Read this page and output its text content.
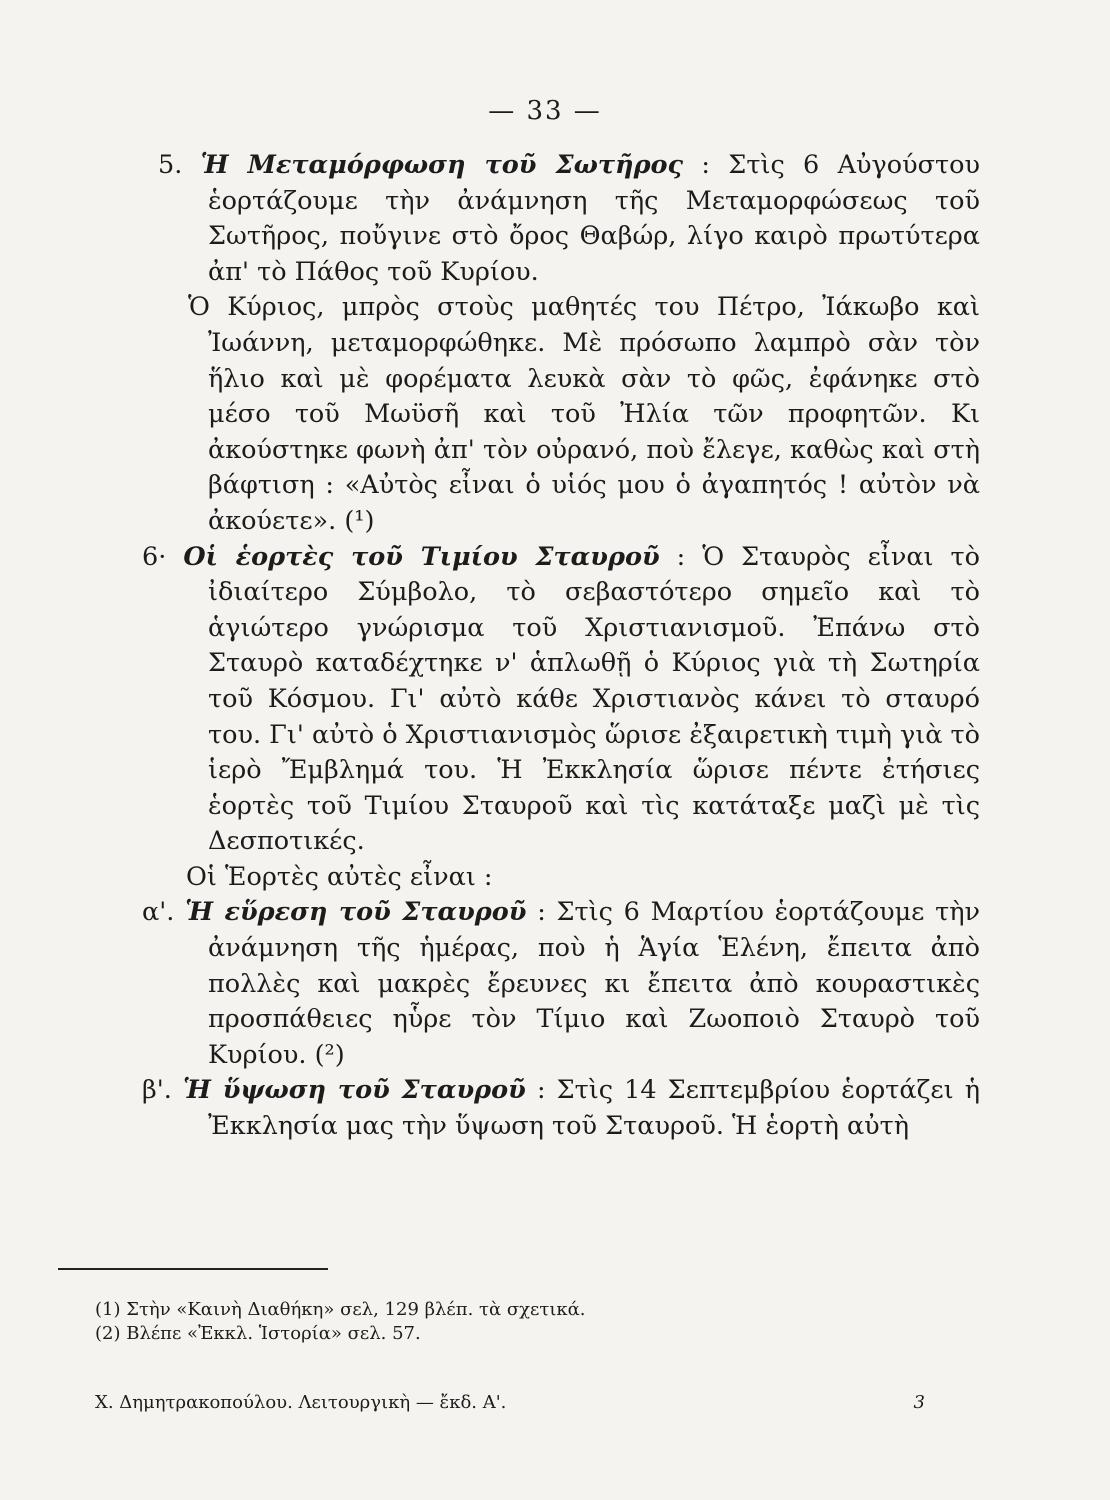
— 33 —

5. Ἡ Μεταμόρφωση τοῦ Σωτῆρος : Στὶς 6 Αὐγούστου ἑορτάζουμε τὴν ἀνάμνηση τῆς Μεταμορφώσεως τοῦ Σωτῆρος, ποὔγινε στὸ ὄρος Θαβώρ, λίγο καιρὸ πρωτύτερα ἀπ' τὸ Πάθος τοῦ Κυρίου.

Ὁ Κύριος, μπρὸς στοὺς μαθητές του Πέτρο, Ἰάκωβο καὶ Ἰωάννη, μεταμορφώθηκε. Μὲ πρόσωπο λαμπρὸ σὰν τὸν ἥλιο καὶ μὲ φορέματα λευκὰ σὰν τὸ φῶς, ἐφάνηκε στὸ μέσο τοῦ Μωϋσῆ καὶ τοῦ Ἠλία τῶν προφητῶν. Κι ἀκούστηκε φωνὴ ἀπ' τὸν οὐρανό, ποὺ ἔλεγε, καθὼς καὶ στὴ βάφτιση : «Αὐτὸς εἶναι ὁ υἱός μου ὁ ἀγαπητός ! αὐτὸν νὰ ἀκούετε». (¹)

6· Οἱ ἑορτὲς τοῦ Τιμίου Σταυροῦ : Ὁ Σταυρὸς εἶναι τὸ ἰδιαίτερο Σύμβολο, τὸ σεβαστότερο σημεῖο καὶ τὸ ἁγιώτερο γνώρισμα τοῦ Χριστιανισμοῦ. Ἐπάνω στὸ Σταυρὸ καταδέχτηκε ν' ἁπλωθῇ ὁ Κύριος γιὰ τὴ Σωτηρία τοῦ Κόσμου. Γι' αὐτὸ κάθε Χριστιανὸς κάνει τὸ σταυρό του. Γι' αὐτὸ ὁ Χριστιανισμὸς ὥρισε ἐξαιρετικὴ τιμὴ γιὰ τὸ ἱερὸ Ἔμβλημά του. Ἡ Ἐκκλησία ὥρισε πέντε ἐτήσιες ἑορτὲς τοῦ Τιμίου Σταυροῦ καὶ τὶς κατάταξε μαζὶ μὲ τὶς Δεσποτικές.

Οἱ Ἑορτὲς αὐτὲς εἶναι :

α'. Ἡ εὕρεση τοῦ Σταυροῦ : Στὶς 6 Μαρτίου ἑορτάζουμε τὴν ἀνάμνηση τῆς ἡμέρας, ποὺ ἡ Ἁγία Ἑλένη, ἔπειτα ἀπὸ πολλὲς καὶ μακρὲς ἔρευνες κι ἔπειτα ἀπὸ κουραστικὲς προσπάθειες ηὗρε τὸν Τίμιο καὶ Ζωοποιὸ Σταυρὸ τοῦ Κυρίου. (²)

β'. Ἡ ὕψωση τοῦ Σταυροῦ : Στὶς 14 Σεπτεμβρίου ἑορτάζει ἡ Ἐκκλησία μας τὴν ὕψωση τοῦ Σταυροῦ. Ἡ ἑορτὴ αὐτὴ

(1) Στὴν «Καινὴ Διαθήκη» σελ, 129 βλέπ. τὰ σχετικά.

(2) Βλέπε «Ἐκκλ. Ἱστορία» σελ. 57.

Χ. Δημητρακοπούλου. Λειτουργικὴ — ἔκδ. Α'.	3
